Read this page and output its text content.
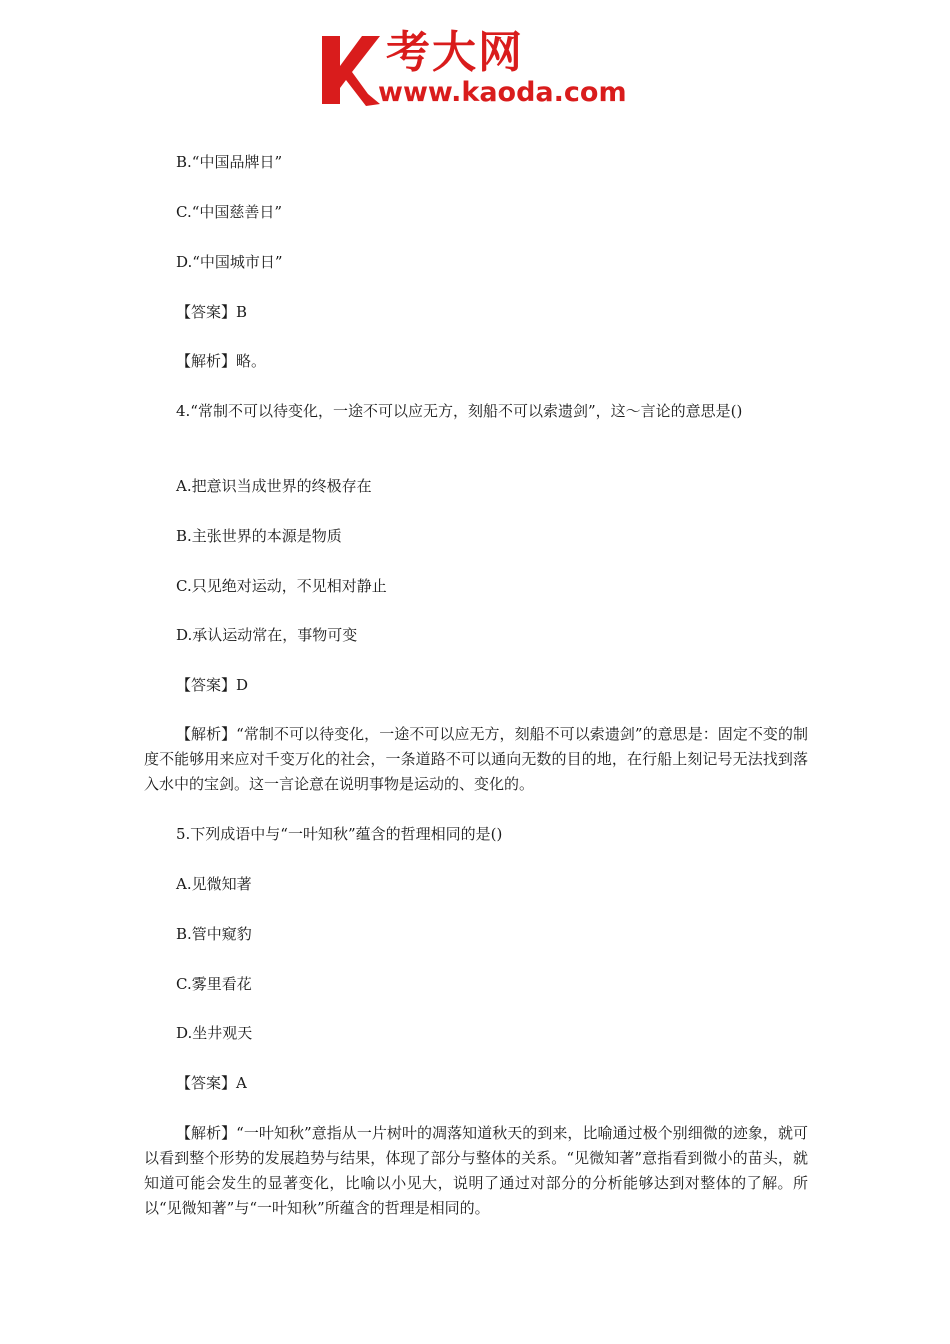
考大网
www.kaoda.com

B.“中国品牌日”

C.“中国慈善日”

D.“中国城市日”

【答案】B

【解析】略。

4.“常制不可以待变化，一途不可以应无方，刻船不可以索遗剑”，这～言论的意思是()

A.把意识当成世界的终极存在

B.主张世界的本源是物质

C.只见绝对运动，不见相对静止

D.承认运动常在，事物可变

【答案】D

【解析】“常制不可以待变化，一途不可以应无方，刻船不可以索遗剑”的意思是：固定不变的制度不能够用来应对千变万化的社会，一条道路不可以通向无数的目的地，在行船上刻记号无法找到落入水中的宝剑。这一言论意在说明事物是运动的、变化的。

5.下列成语中与“一叶知秋”蕴含的哲理相同的是()

A.见微知著

B.管中窥豹

C.雾里看花

D.坐井观天

【答案】A

【解析】“一叶知秋”意指从一片树叶的凋落知道秋天的到来，比喻通过极个别细微的迹象，就可以看到整个形势的发展趋势与结果，体现了部分与整体的关系。“见微知著”意指看到微小的苗头，就知道可能会发生的显著变化，比喻以小见大，说明了通过对部分的分析能够达到对整体的了解。所以“见微知著”与“一叶知秋”所蕴含的哲理是相同的。
